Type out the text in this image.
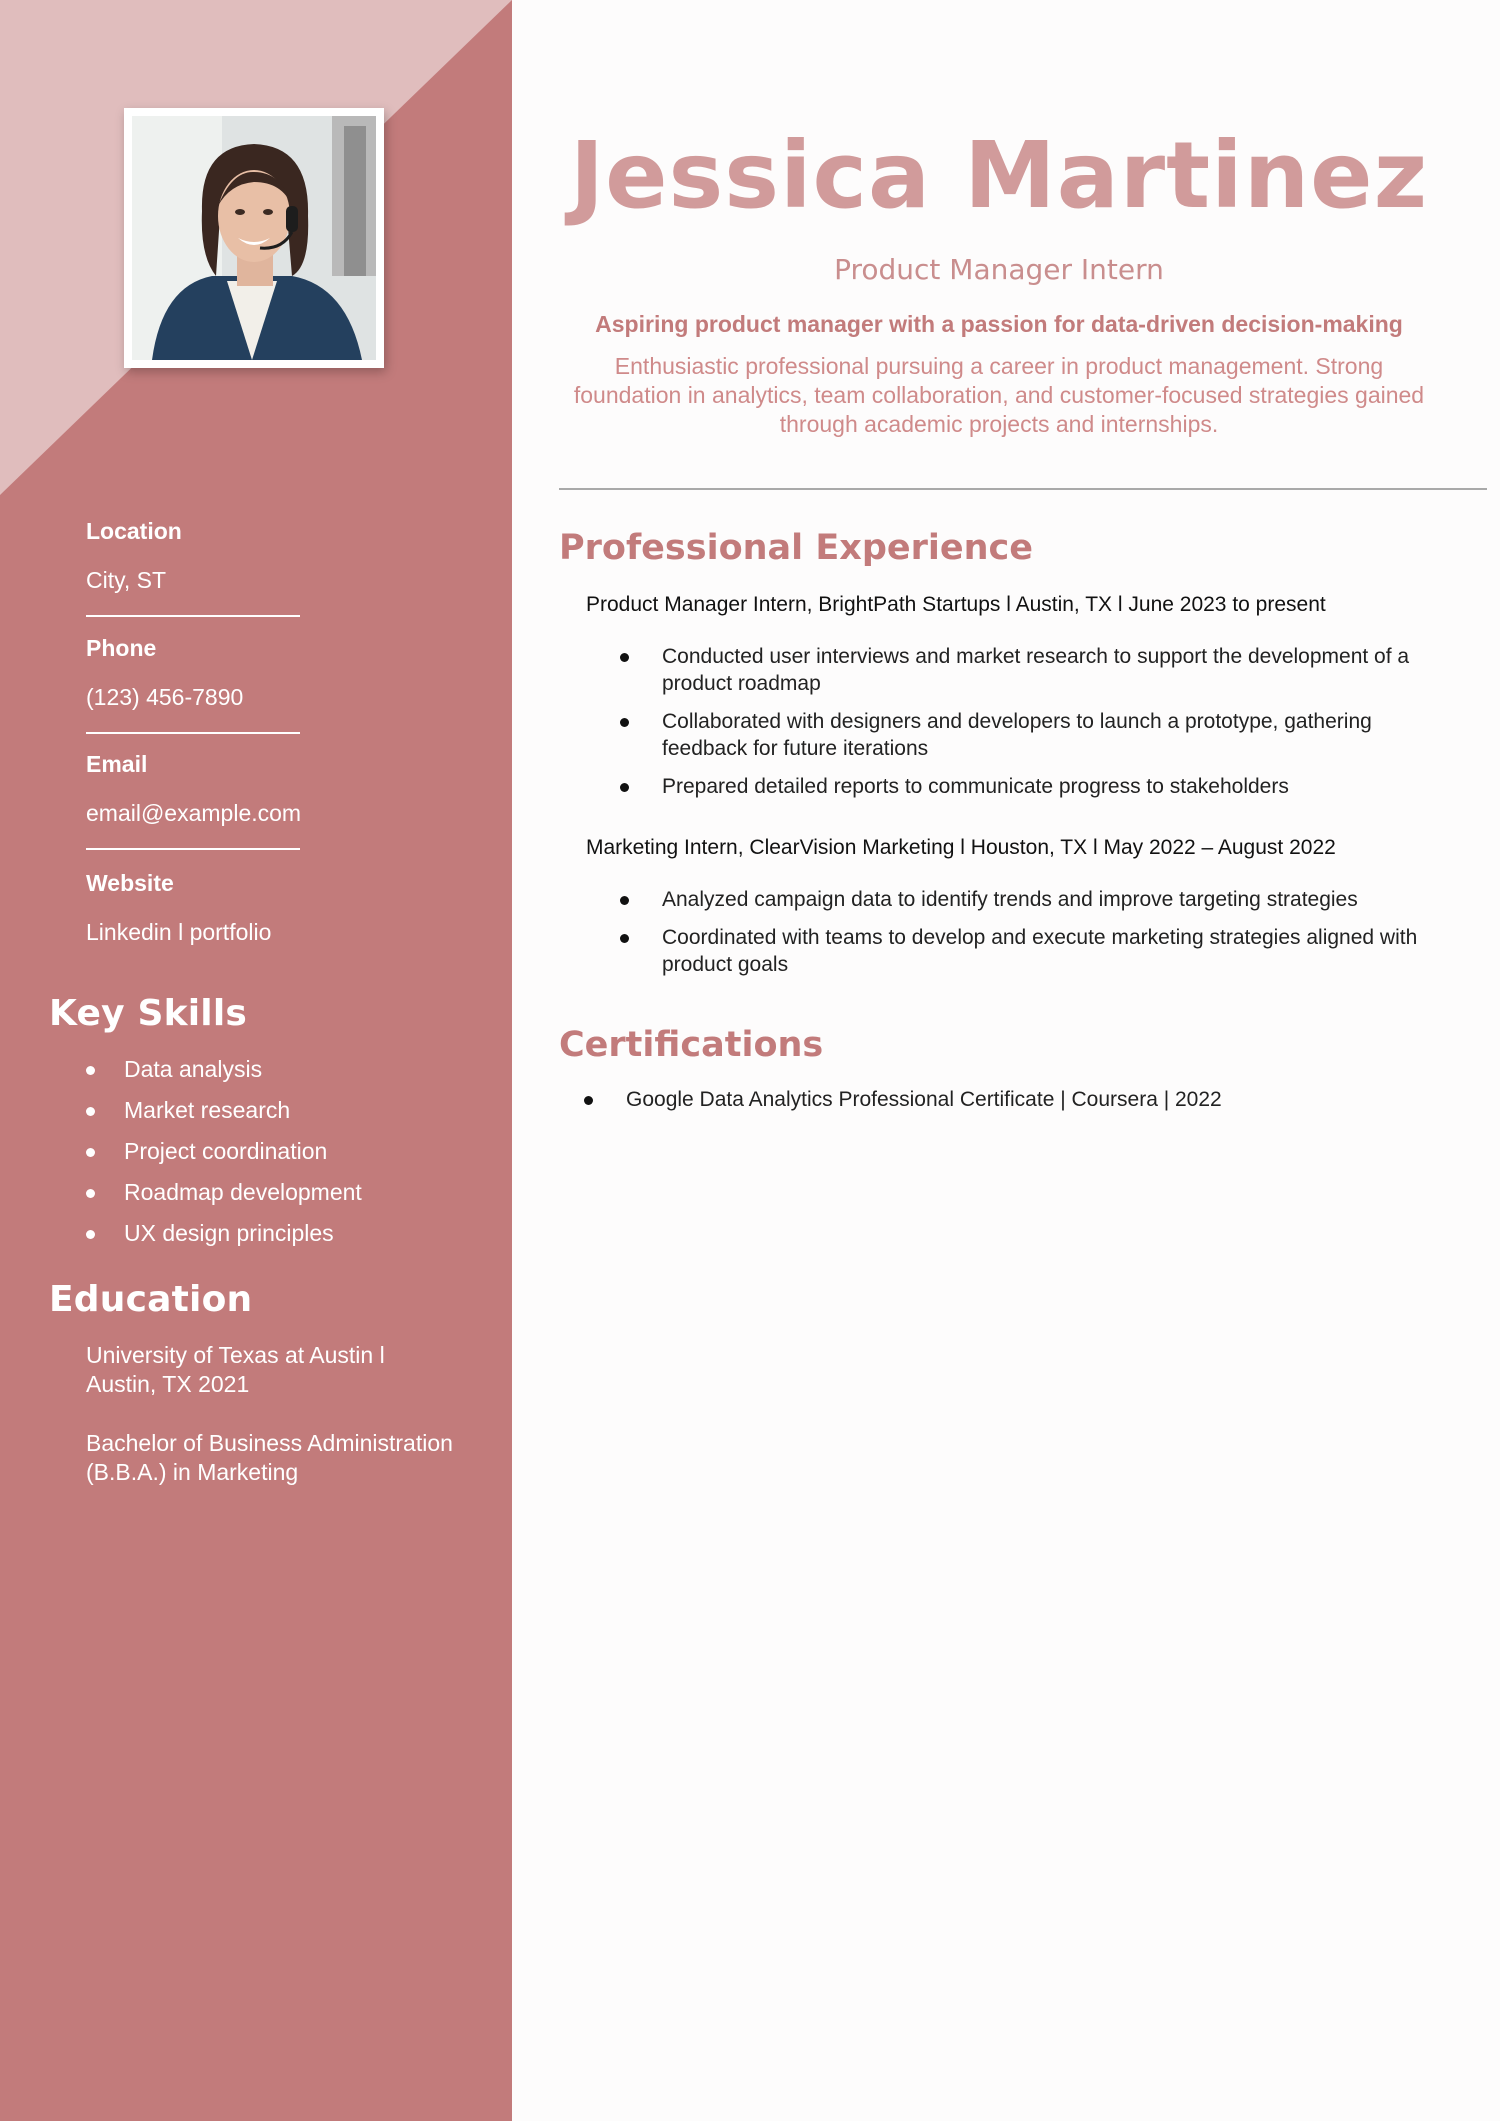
Location
City, ST
Phone
(123) 456-7890
Email
email@example.com
Website
Linkedin l portfolio
Key Skills
Data analysis
Market research
Project coordination
Roadmap development
UX design principles
Education
University of Texas at Austin l Austin, TX 2021
Bachelor of Business Administration (B.B.A.) in Marketing
Jessica Martinez
Product Manager Intern
Aspiring product manager with a passion for data-driven decision-making
Enthusiastic professional pursuing a career in product management. Strong foundation in analytics, team collaboration, and customer-focused strategies gained through academic projects and internships.
Professional Experience
Product Manager Intern, BrightPath Startups l Austin, TX l June 2023 to present
Conducted user interviews and market research to support the development of a product roadmap
Collaborated with designers and developers to launch a prototype, gathering feedback for future iterations
Prepared detailed reports to communicate progress to stakeholders
Marketing Intern, ClearVision Marketing l Houston, TX l May 2022 – August 2022
Analyzed campaign data to identify trends and improve targeting strategies
Coordinated with teams to develop and execute marketing strategies aligned with product goals
Certifications
Google Data Analytics Professional Certificate | Coursera | 2022
